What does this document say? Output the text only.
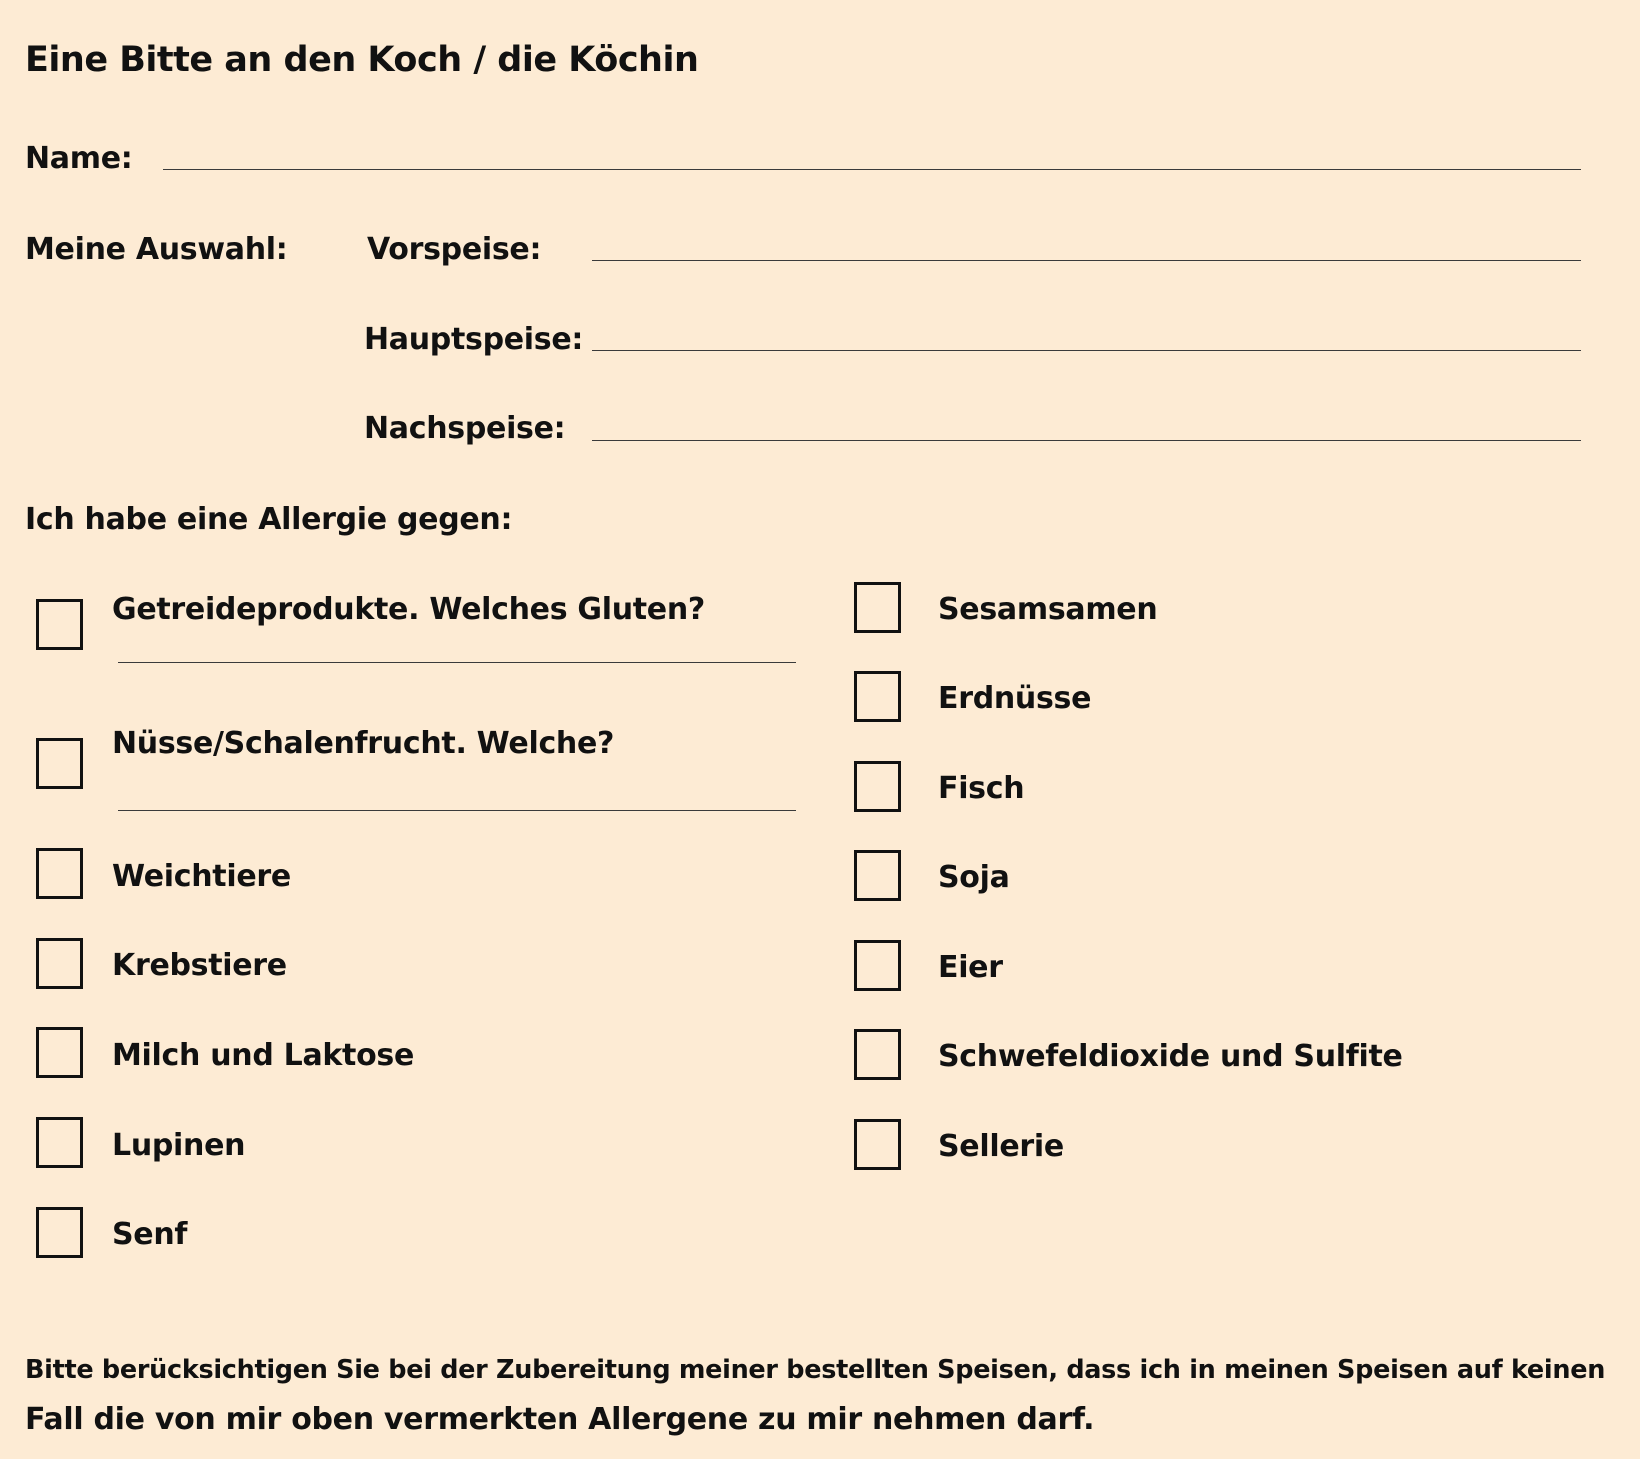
Eine Bitte an den Koch / die Köchin
Name:
Meine Auswahl:	Vorspeise:
Hauptspeise:
Nachspeise:
Ich habe eine Allergie gegen:
Getreideprodukte. Welches Gluten?
Nüsse/Schalenfrucht. Welche?
Weichtiere
Krebstiere
Milch und Laktose
Lupinen
Senf
Sesamsamen
Erdnüsse
Fisch
Soja
Eier
Schwefeldioxide und Sulfite
Sellerie
Bitte berücksichtigen Sie bei der Zubereitung meiner bestellten Speisen, dass ich in meinen Speisen auf keinen
Fall die von mir oben vermerkten Allergene zu mir nehmen darf.
